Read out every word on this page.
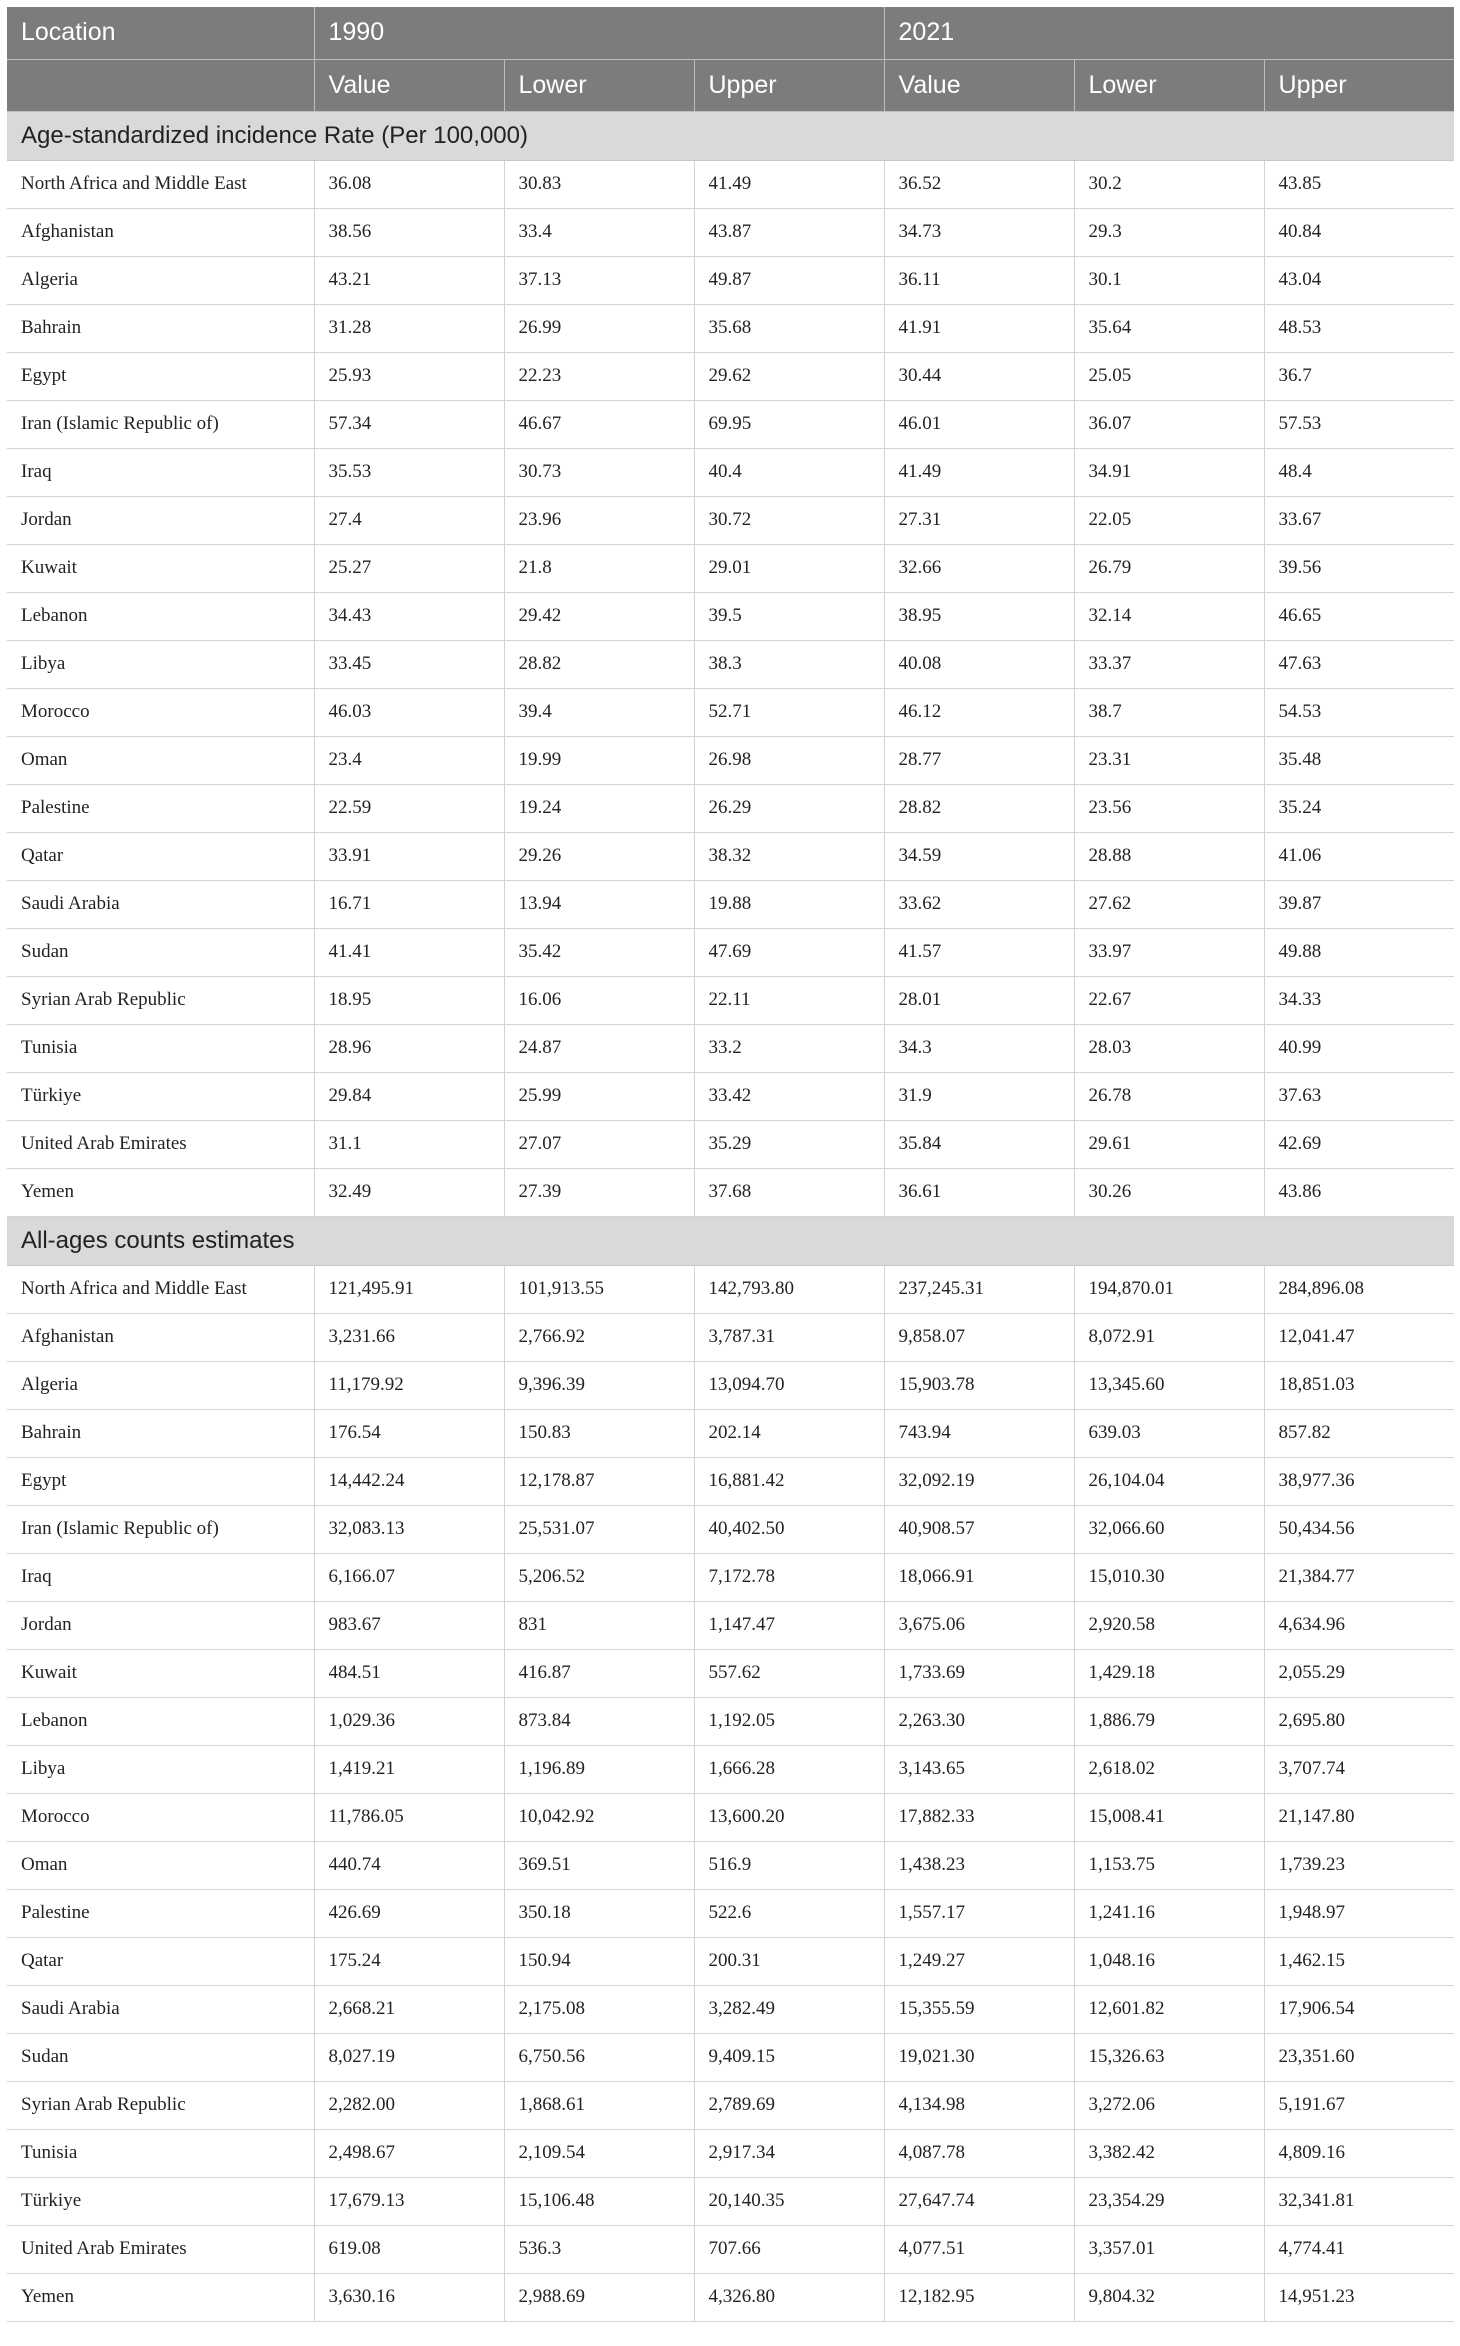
Location	1990			2021		
	Value	Lower	Upper	Value	Lower	Upper
Age-standardized incidence Rate (Per 100,000)						
North Africa and Middle East	36.08	30.83	41.49	36.52	30.2	43.85
Afghanistan	38.56	33.4	43.87	34.73	29.3	40.84
Algeria	43.21	37.13	49.87	36.11	30.1	43.04
Bahrain	31.28	26.99	35.68	41.91	35.64	48.53
Egypt	25.93	22.23	29.62	30.44	25.05	36.7
Iran (Islamic Republic of)	57.34	46.67	69.95	46.01	36.07	57.53
Iraq	35.53	30.73	40.4	41.49	34.91	48.4
Jordan	27.4	23.96	30.72	27.31	22.05	33.67
Kuwait	25.27	21.8	29.01	32.66	26.79	39.56
Lebanon	34.43	29.42	39.5	38.95	32.14	46.65
Libya	33.45	28.82	38.3	40.08	33.37	47.63
Morocco	46.03	39.4	52.71	46.12	38.7	54.53
Oman	23.4	19.99	26.98	28.77	23.31	35.48
Palestine	22.59	19.24	26.29	28.82	23.56	35.24
Qatar	33.91	29.26	38.32	34.59	28.88	41.06
Saudi Arabia	16.71	13.94	19.88	33.62	27.62	39.87
Sudan	41.41	35.42	47.69	41.57	33.97	49.88
Syrian Arab Republic	18.95	16.06	22.11	28.01	22.67	34.33
Tunisia	28.96	24.87	33.2	34.3	28.03	40.99
Türkiye	29.84	25.99	33.42	31.9	26.78	37.63
United Arab Emirates	31.1	27.07	35.29	35.84	29.61	42.69
Yemen	32.49	27.39	37.68	36.61	30.26	43.86
All-ages counts estimates						
North Africa and Middle East	121,495.91	101,913.55	142,793.80	237,245.31	194,870.01	284,896.08
Afghanistan	3,231.66	2,766.92	3,787.31	9,858.07	8,072.91	12,041.47
Algeria	11,179.92	9,396.39	13,094.70	15,903.78	13,345.60	18,851.03
Bahrain	176.54	150.83	202.14	743.94	639.03	857.82
Egypt	14,442.24	12,178.87	16,881.42	32,092.19	26,104.04	38,977.36
Iran (Islamic Republic of)	32,083.13	25,531.07	40,402.50	40,908.57	32,066.60	50,434.56
Iraq	6,166.07	5,206.52	7,172.78	18,066.91	15,010.30	21,384.77
Jordan	983.67	831	1,147.47	3,675.06	2,920.58	4,634.96
Kuwait	484.51	416.87	557.62	1,733.69	1,429.18	2,055.29
Lebanon	1,029.36	873.84	1,192.05	2,263.30	1,886.79	2,695.80
Libya	1,419.21	1,196.89	1,666.28	3,143.65	2,618.02	3,707.74
Morocco	11,786.05	10,042.92	13,600.20	17,882.33	15,008.41	21,147.80
Oman	440.74	369.51	516.9	1,438.23	1,153.75	1,739.23
Palestine	426.69	350.18	522.6	1,557.17	1,241.16	1,948.97
Qatar	175.24	150.94	200.31	1,249.27	1,048.16	1,462.15
Saudi Arabia	2,668.21	2,175.08	3,282.49	15,355.59	12,601.82	17,906.54
Sudan	8,027.19	6,750.56	9,409.15	19,021.30	15,326.63	23,351.60
Syrian Arab Republic	2,282.00	1,868.61	2,789.69	4,134.98	3,272.06	5,191.67
Tunisia	2,498.67	2,109.54	2,917.34	4,087.78	3,382.42	4,809.16
Türkiye	17,679.13	15,106.48	20,140.35	27,647.74	23,354.29	32,341.81
United Arab Emirates	619.08	536.3	707.66	4,077.51	3,357.01	4,774.41
Yemen	3,630.16	2,988.69	4,326.80	12,182.95	9,804.32	14,951.23
